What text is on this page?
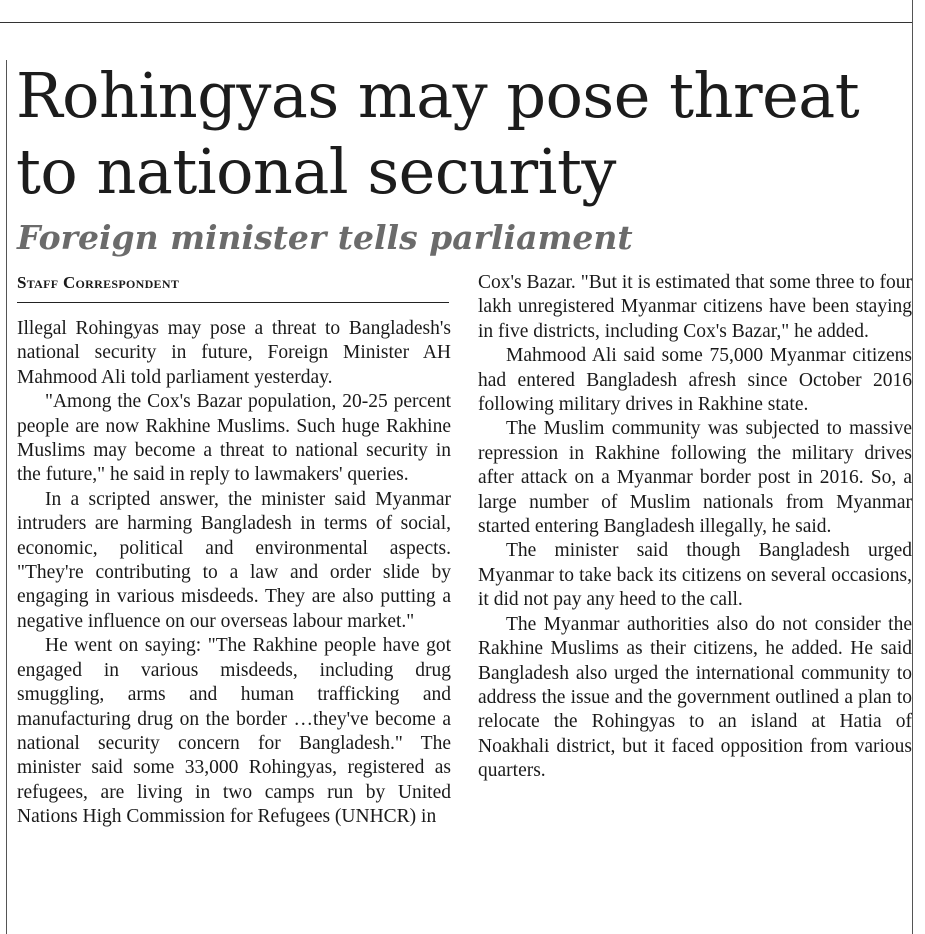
Rohingyas may pose threat to national security
Foreign minister tells parliament
Staff Correspondent

Illegal Rohingyas may pose a threat to Bangladesh's national security in future, Foreign Minister AH Mahmood Ali told parliament yesterday.

"Among the Cox's Bazar population, 20-25 percent people are now Rakhine Muslims. Such huge Rakhine Muslims may become a threat to national security in the future," he said in reply to lawmakers' queries.

In a scripted answer, the minister said Myanmar intruders are harming Bangladesh in terms of social, economic, political and environmental aspects. "They're contributing to a law and order slide by engaging in various misdeeds. They are also putting a negative influence on our overseas labour market."

He went on saying: "The Rakhine people have got engaged in various misdeeds, including drug smuggling, arms and human trafficking and manufacturing drug on the border …they've become a national security concern for Bangladesh." The minister said some 33,000 Rohingyas, registered as refugees, are living in two camps run by United Nations High Commission for Refugees (UNHCR) in

Cox's Bazar. "But it is estimated that some three to four lakh unregistered Myanmar citizens have been staying in five districts, including Cox's Bazar," he added.

Mahmood Ali said some 75,000 Myanmar citizens had entered Bangladesh afresh since October 2016 following military drives in Rakhine state.

The Muslim community was subjected to massive repression in Rakhine following the military drives after attack on a Myanmar border post in 2016. So, a large number of Muslim nationals from Myanmar started entering Bangladesh illegally, he said.

The minister said though Bangladesh urged Myanmar to take back its citizens on several occasions, it did not pay any heed to the call.

The Myanmar authorities also do not consider the Rakhine Muslims as their citizens, he added. He said Bangladesh also urged the international community to address the issue and the government outlined a plan to relocate the Rohingyas to an island at Hatia of Noakhali district, but it faced opposition from various quarters.
